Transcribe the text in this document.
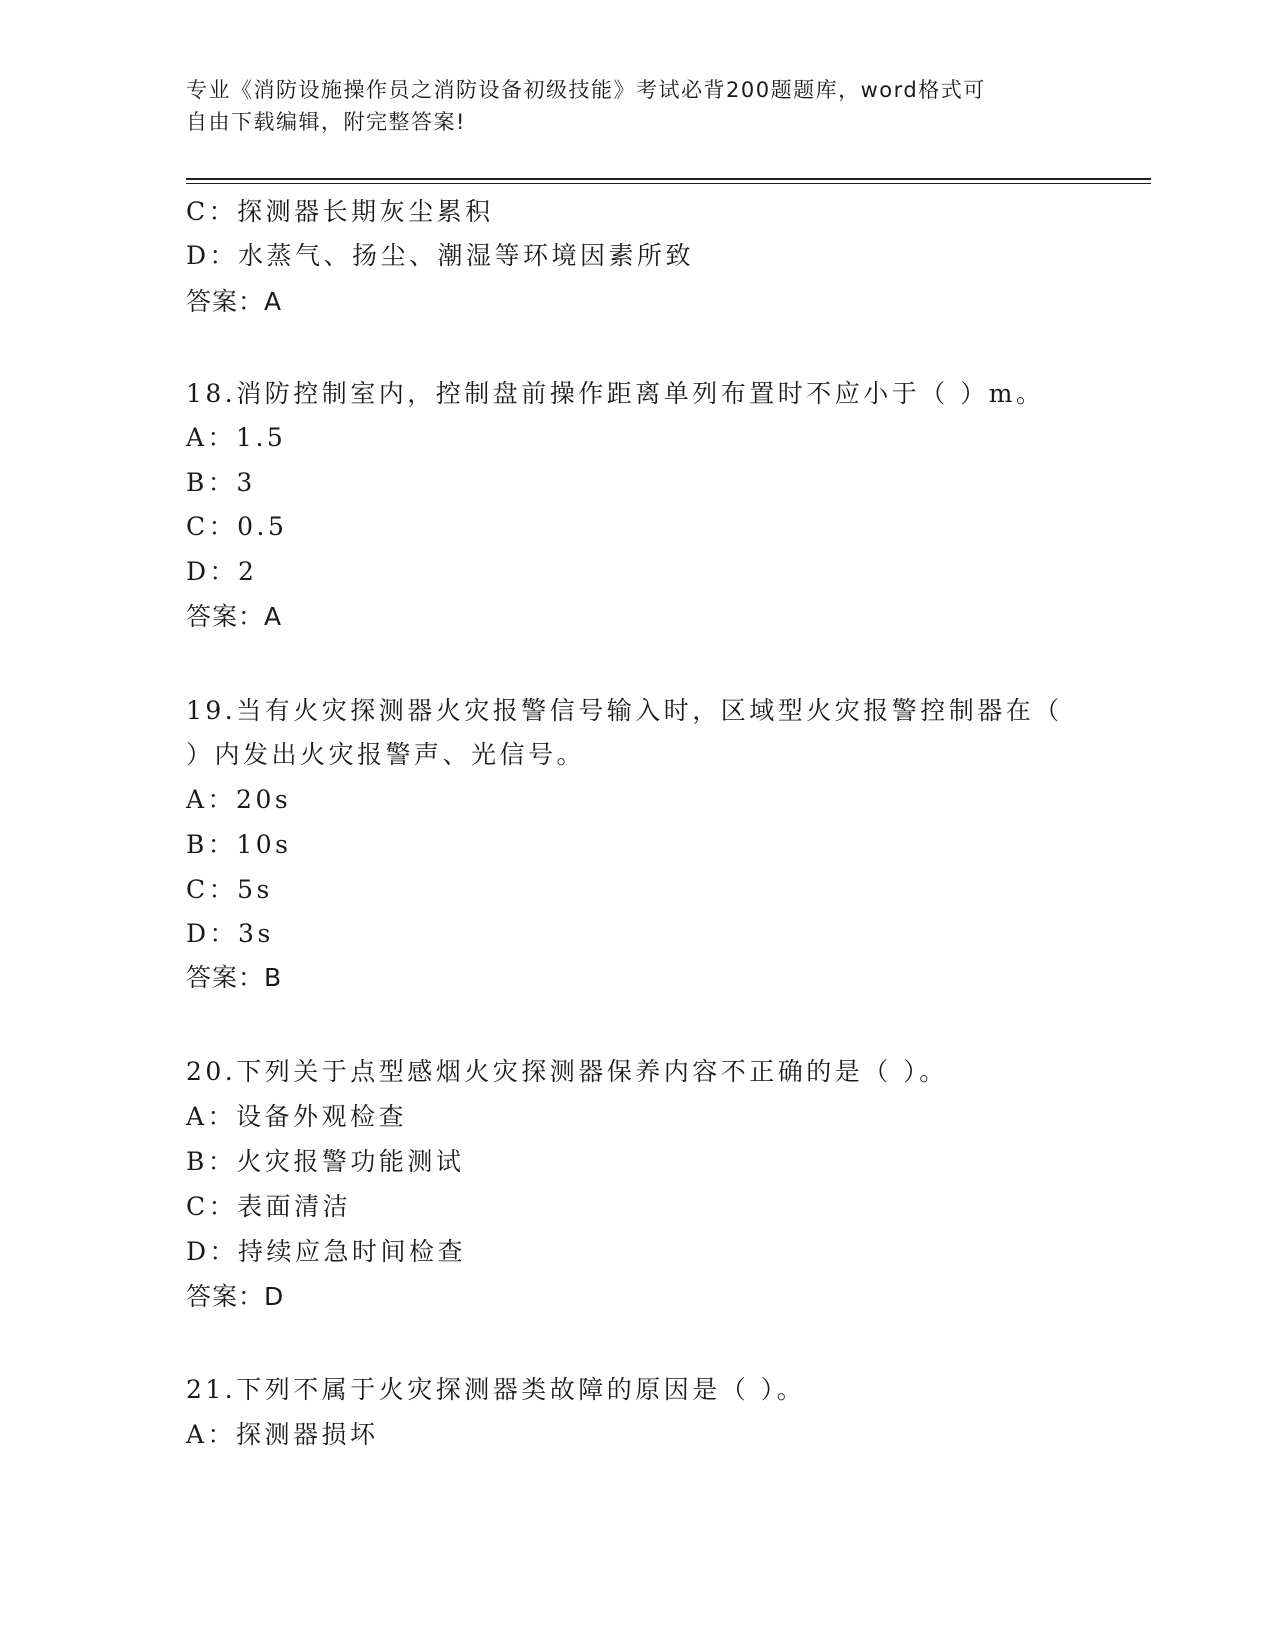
专业《消防设施操作员之消防设备初级技能》考试必背200题题库，word格式可
自由下载编辑，附完整答案!
C：探测器长期灰尘累积
D：水蒸气、扬尘、潮湿等环境因素所致
答案：A
18.消防控制室内，控制盘前操作距离单列布置时不应小于（ ）m。
A：1.5
B：3
C：0.5
D：2
答案：A
19.当有火灾探测器火灾报警信号输入时，区域型火灾报警控制器在（
）内发出火灾报警声、光信号。
A：20s
B：10s
C：5s
D：3s
答案：B
20.下列关于点型感烟火灾探测器保养内容不正确的是（ ）。
A：设备外观检查
B：火灾报警功能测试
C：表面清洁
D：持续应急时间检查
答案：D
21.下列不属于火灾探测器类故障的原因是（ ）。
A：探测器损坏
